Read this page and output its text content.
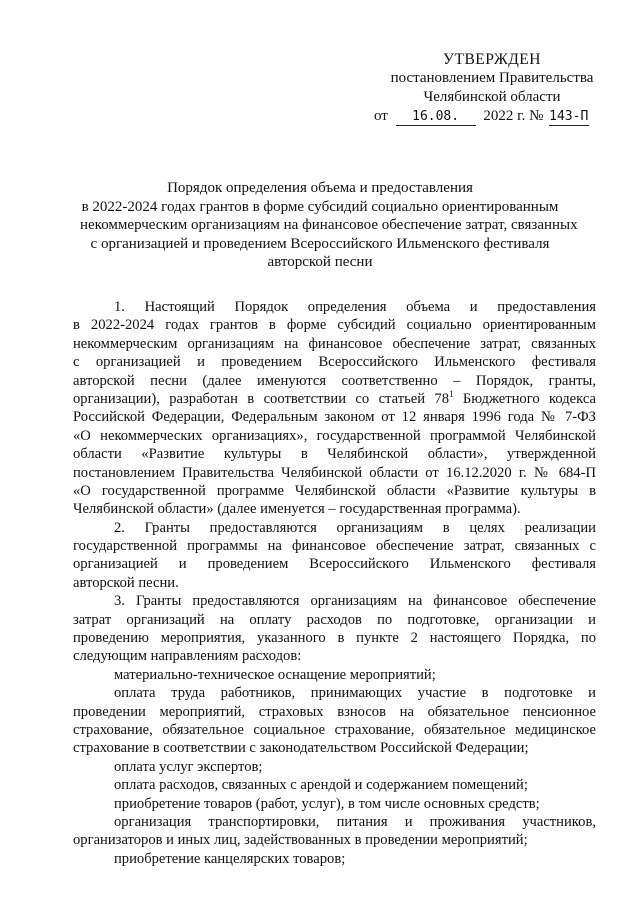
УТВЕРЖДЕН
постановлением Правительства
Челябинской области
от 16.08. 2022 г. № 143-П
Порядок определения объема и предоставления
в 2022-2024 годах грантов в форме субсидий социально ориентированным
некоммерческим организациям на финансовое обеспечение затрат, связанных
с организацией и проведением Всероссийского Ильменского фестиваля
авторской песни

1. Настоящий Порядок определения объема и предоставления
в 2022-2024 годах грантов в форме субсидий социально ориентированным
некоммерческим организациям на финансовое обеспечение затрат, связанных
с организацией и проведением Всероссийского Ильменского фестиваля
авторской песни (далее именуются соответственно – Порядок, гранты,
организации), разработан в соответствии со статьей $78^1$ Бюджетного кодекса
Российской Федерации, Федеральным законом от 12 января 1996 года № 7-ФЗ
«О некоммерческих организациях», государственной программой Челябинской
области «Развитие культуры в Челябинской области», утвержденной
постановлением Правительства Челябинской области от 16.12.2020 г. № 684-П
«О государственной программе Челябинской области «Развитие культуры в
Челябинской области» (далее именуется – государственная программа).

2. Гранты предоставляются организациям в целях реализации
государственной программы на финансовое обеспечение затрат, связанных с
организацией и проведением Всероссийского Ильменского фестиваля
авторской песни.

3. Гранты предоставляются организациям на финансовое обеспечение
затрат организаций на оплату расходов по подготовке, организации и
проведению мероприятия, указанного в пункте 2 настоящего Порядка, по
следующим направлениям расходов:

материально-техническое оснащение мероприятий;

оплата труда работников, принимающих участие в подготовке и
проведении мероприятий, страховых взносов на обязательное пенсионное
страхование, обязательное социальное страхование, обязательное медицинское
страхование в соответствии с законодательством Российской Федерации;

оплата услуг экспертов;

оплата расходов, связанных с арендой и содержанием помещений;

приобретение товаров (работ, услуг), в том числе основных средств;

организация транспортировки, питания и проживания участников,
организаторов и иных лиц, задействованных в проведении мероприятий;

приобретение канцелярских товаров;
